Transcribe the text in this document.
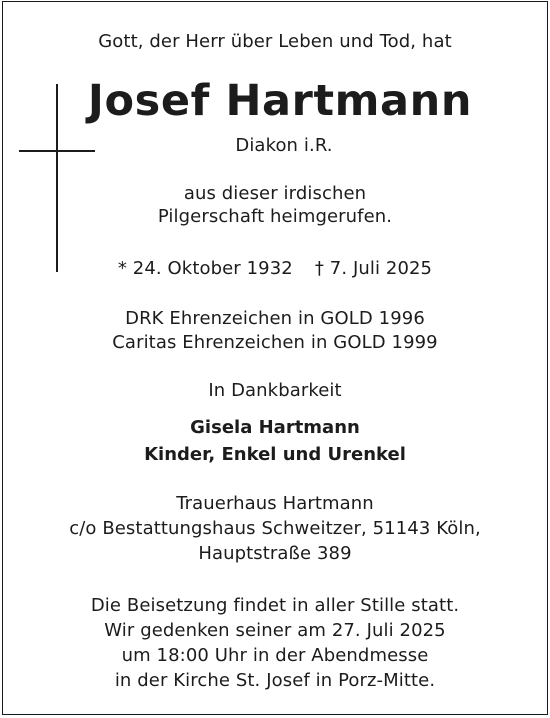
Gott, der Herr über Leben und Tod, hat
Josef Hartmann
Diakon i.R.
aus dieser irdischen
Pilgerschaft heimgerufen.
* 24. Oktober 1932 † 7. Juli 2025
DRK Ehrenzeichen in GOLD 1996
Caritas Ehrenzeichen in GOLD 1999
In Dankbarkeit
Gisela Hartmann
Kinder, Enkel und Urenkel
Trauerhaus Hartmann
c/o Bestattungshaus Schweitzer, 51143 Köln,
Hauptstraße 389
Die Beisetzung findet in aller Stille statt.
Wir gedenken seiner am 27. Juli 2025
um 18:00 Uhr in der Abendmesse
in der Kirche St. Josef in Porz-Mitte.
